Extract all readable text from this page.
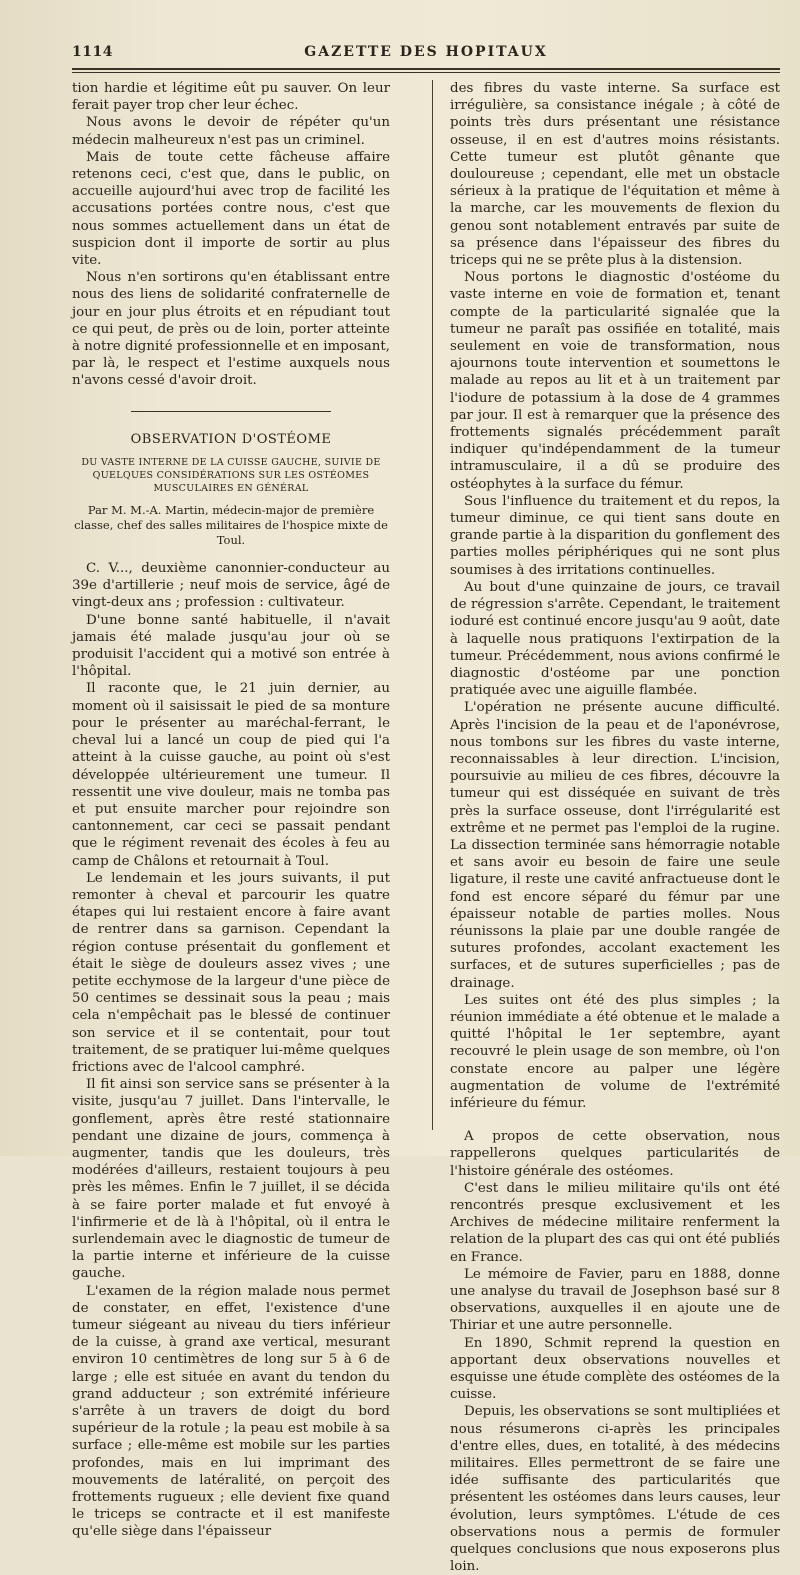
1114	GAZETTE DES HOPITAUX

tion hardie et légitime eût pu sauver. On leur ferait payer trop cher leur échec.

Nous avons le devoir de répéter qu'un médecin malheureux n'est pas un criminel.

Mais de toute cette fâcheuse affaire retenons ceci, c'est que, dans le public, on accueille aujourd'hui avec trop de facilité les accusations portées contre nous, c'est que nous sommes actuellement dans un état de suspicion dont il importe de sortir au plus vite.

Nous n'en sortirons qu'en établissant entre nous des liens de solidarité confraternelle de jour en jour plus étroits et en répudiant tout ce qui peut, de près ou de loin, porter atteinte à notre dignité professionnelle et en imposant, par là, le respect et l'estime auxquels nous n'avons cessé d'avoir droit.

OBSERVATION D'OSTÉOME
DU VASTE INTERNE DE LA CUISSE GAUCHE, SUIVIE DE QUELQUES CONSIDÉRATIONS SUR LES OSTÉOMES MUSCULAIRES EN GÉNÉRAL
Par M. M.-A. Martin, médecin-major de première classe, chef des salles militaires de l'hospice mixte de Toul.

C. V..., deuxième canonnier-conducteur au 39e d'artillerie ; neuf mois de service, âgé de vingt-deux ans ; profession : cultivateur.

D'une bonne santé habituelle, il n'avait jamais été malade jusqu'au jour où se produisit l'accident qui a motivé son entrée à l'hôpital.

Il raconte que, le 21 juin dernier, au moment où il saisissait le pied de sa monture pour le présenter au maréchal-ferrant, le cheval lui a lancé un coup de pied qui l'a atteint à la cuisse gauche, au point où s'est développée ultérieurement une tumeur. Il ressentit une vive douleur, mais ne tomba pas et put ensuite marcher pour rejoindre son cantonnement, car ceci se passait pendant que le régiment revenait des écoles à feu au camp de Châlons et retournait à Toul.

Le lendemain et les jours suivants, il put remonter à cheval et parcourir les quatre étapes qui lui restaient encore à faire avant de rentrer dans sa garnison. Cependant la région contuse présentait du gonflement et était le siège de douleurs assez vives ; une petite ecchymose de la largeur d'une pièce de 50 centimes se dessinait sous la peau ; mais cela n'empêchait pas le blessé de continuer son service et il se contentait, pour tout traitement, de se pratiquer lui-même quelques frictions avec de l'alcool camphré.

Il fit ainsi son service sans se présenter à la visite, jusqu'au 7 juillet. Dans l'intervalle, le gonflement, après être resté stationnaire pendant une dizaine de jours, commença à augmenter, tandis que les douleurs, très modérées d'ailleurs, restaient toujours à peu près les mêmes. Enfin le 7 juillet, il se décida à se faire porter malade et fut envoyé à l'infirmerie et de là à l'hôpital, où il entra le surlendemain avec le diagnostic de tumeur de la partie interne et inférieure de la cuisse gauche.

L'examen de la région malade nous permet de constater, en effet, l'existence d'une tumeur siégeant au niveau du tiers inférieur de la cuisse, à grand axe vertical, mesurant environ 10 centimètres de long sur 5 à 6 de large ; elle est située en avant du tendon du grand adducteur ; son extrémité inférieure s'arrête à un travers de doigt du bord supérieur de la rotule ; la peau est mobile à sa surface ; elle-même est mobile sur les parties profondes, mais en lui imprimant des mouvements de latéralité, on perçoit des frottements rugueux ; elle devient fixe quand le triceps se contracte et il est manifeste qu'elle siège dans l'épaisseur

des fibres du vaste interne. Sa surface est irrégulière, sa consistance inégale ; à côté de points très durs présentant une résistance osseuse, il en est d'autres moins résistants. Cette tumeur est plutôt gênante que douloureuse ; cependant, elle met un obstacle sérieux à la pratique de l'équitation et même à la marche, car les mouvements de flexion du genou sont notablement entravés par suite de sa présence dans l'épaisseur des fibres du triceps qui ne se prête plus à la distension.

Nous portons le diagnostic d'ostéome du vaste interne en voie de formation et, tenant compte de la particularité signalée que la tumeur ne paraît pas ossifiée en totalité, mais seulement en voie de transformation, nous ajournons toute intervention et soumettons le malade au repos au lit et à un traitement par l'iodure de potassium à la dose de 4 grammes par jour. Il est à remarquer que la présence des frottements signalés précédemment paraît indiquer qu'indépendamment de la tumeur intramusculaire, il a dû se produire des ostéophytes à la surface du fémur.

Sous l'influence du traitement et du repos, la tumeur diminue, ce qui tient sans doute en grande partie à la disparition du gonflement des parties molles périphériques qui ne sont plus soumises à des irritations continuelles.

Au bout d'une quinzaine de jours, ce travail de régression s'arrête. Cependant, le traitement ioduré est continué encore jusqu'au 9 août, date à laquelle nous pratiquons l'extirpation de la tumeur. Précédemment, nous avions confirmé le diagnostic d'ostéome par une ponction pratiquée avec une aiguille flambée.

L'opération ne présente aucune difficulté. Après l'incision de la peau et de l'aponévrose, nous tombons sur les fibres du vaste interne, reconnaissables à leur direction. L'incision, poursuivie au milieu de ces fibres, découvre la tumeur qui est disséquée en suivant de très près la surface osseuse, dont l'irrégularité est extrême et ne permet pas l'emploi de la rugine. La dissection terminée sans hémorragie notable et sans avoir eu besoin de faire une seule ligature, il reste une cavité anfractueuse dont le fond est encore séparé du fémur par une épaisseur notable de parties molles. Nous réunissons la plaie par une double rangée de sutures profondes, accolant exactement les surfaces, et de sutures superficielles ; pas de drainage.

Les suites ont été des plus simples ; la réunion immédiate a été obtenue et le malade a quitté l'hôpital le 1er septembre, ayant recouvré le plein usage de son membre, où l'on constate encore au palper une légère augmentation de volume de l'extrémité inférieure du fémur.

A propos de cette observation, nous rappellerons quelques particularités de l'histoire générale des ostéomes.

C'est dans le milieu militaire qu'ils ont été rencontrés presque exclusivement et les Archives de médecine militaire renferment la relation de la plupart des cas qui ont été publiés en France.

Le mémoire de Favier, paru en 1888, donne une analyse du travail de Josephson basé sur 8 observations, auxquelles il en ajoute une de Thiriar et une autre personnelle.

En 1890, Schmit reprend la question en apportant deux observations nouvelles et esquisse une étude complète des ostéomes de la cuisse.

Depuis, les observations se sont multipliées et nous résumerons ci-après les principales d'entre elles, dues, en totalité, à des médecins militaires. Elles permettront de se faire une idée suffisante des particularités que présentent les ostéomes dans leurs causes, leur évolution, leurs symptômes. L'étude de ces observations nous a permis de formuler quelques conclusions que nous exposerons plus loin.
